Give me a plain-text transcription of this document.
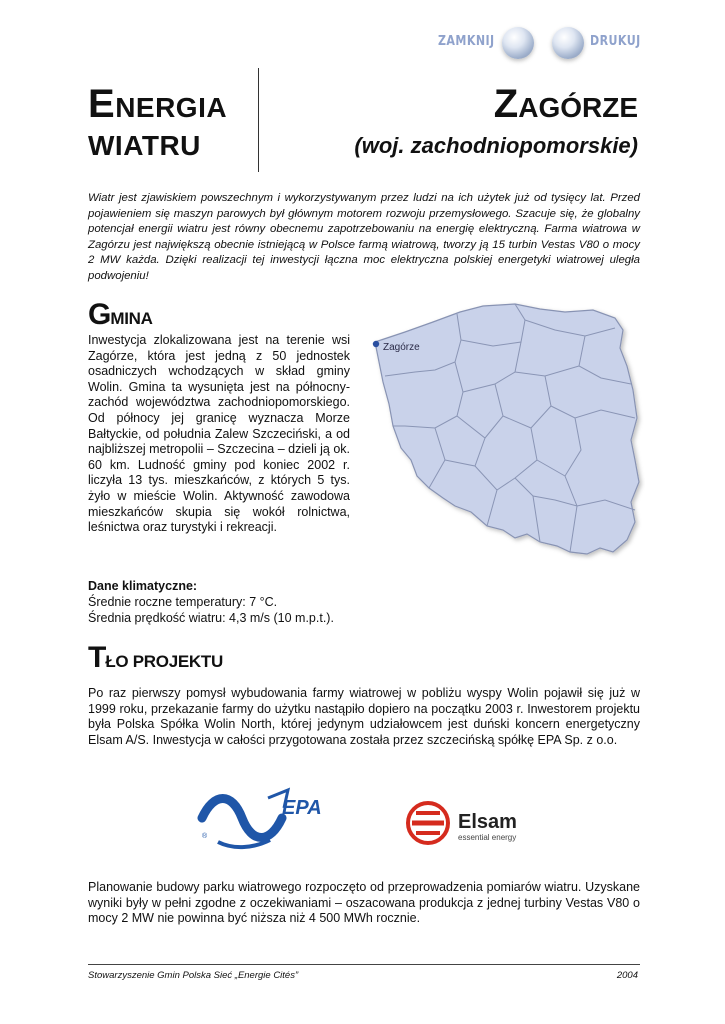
ZAMKNIJ	DRUKUJ
ENERGIA
WIATRU
ZAGÓRZE
(woj. zachodniopomorskie)
Wiatr jest zjawiskiem powszechnym i wykorzystywanym przez ludzi na ich użytek już od tysięcy lat. Przed pojawieniem się maszyn parowych był głównym motorem rozwoju przemysłowego. Szacuje się, że globalny potencjał energii wiatru jest równy obecnemu zapotrzebowaniu na energię elektryczną. Farma wiatrowa w Zagórzu jest największą obecnie istniejącą w Polsce farmą wiatrową, tworzy ją 15 turbin Vestas V80 o mocy 2 MW każda. Dzięki realizacji tej inwestycji łączna moc elektryczna polskiej energetyki wiatrowej uległa podwojeniu!
GMINA
Inwestycja zlokalizowana jest na terenie wsi Zagórze, która jest jedną z 50 jednostek osadniczych wchodzących w skład gminy Wolin. Gmina ta wysunięta jest na północny-zachód województwa zachodniopomorskiego. Od północy jej granicę wyznacza Morze Bałtyckie, od południa Zalew Szczeciński, a od najbliższej metropolii – Szczecina – dzieli ją ok. 60 km. Ludność gminy pod koniec 2002 r. liczyła 13 tys. mieszkańców, z których 5 tys. żyło w mieście Wolin. Aktywność zawodowa mieszkańców skupia się wokół rolnictwa, leśnictwa oraz turystyki i rekreacji.
Zagórze
Dane klimatyczne:
Średnie roczne temperatury: 7 °C.
Średnia prędkość wiatru: 4,3 m/s (10 m.p.t.).
TŁO PROJEKTU
Po raz pierwszy pomysł wybudowania farmy wiatrowej w pobliżu wyspy Wolin pojawił się już w 1999 roku, przekazanie farmy do użytku nastąpiło dopiero na początku 2003 r. Inwestorem projektu była Polska Spółka Wolin North, której jedynym udziałowcem jest duński koncern energetyczny Elsam A/S. Inwestycja w całości przygotowana została przez szczecińską spółkę EPA Sp. z o.o.
®
EPA
Elsam
essential energy
Planowanie budowy parku wiatrowego rozpoczęto od przeprowadzenia pomiarów wiatru. Uzyskane wyniki były w pełni zgodne z oczekiwaniami – oszacowana produkcja z jednej turbiny Vestas V80 o mocy 2 MW nie powinna być niższa niż 4 500 MWh rocznie.
Stowarzyszenie Gmin Polska Sieć „Energie Cités”	2004
